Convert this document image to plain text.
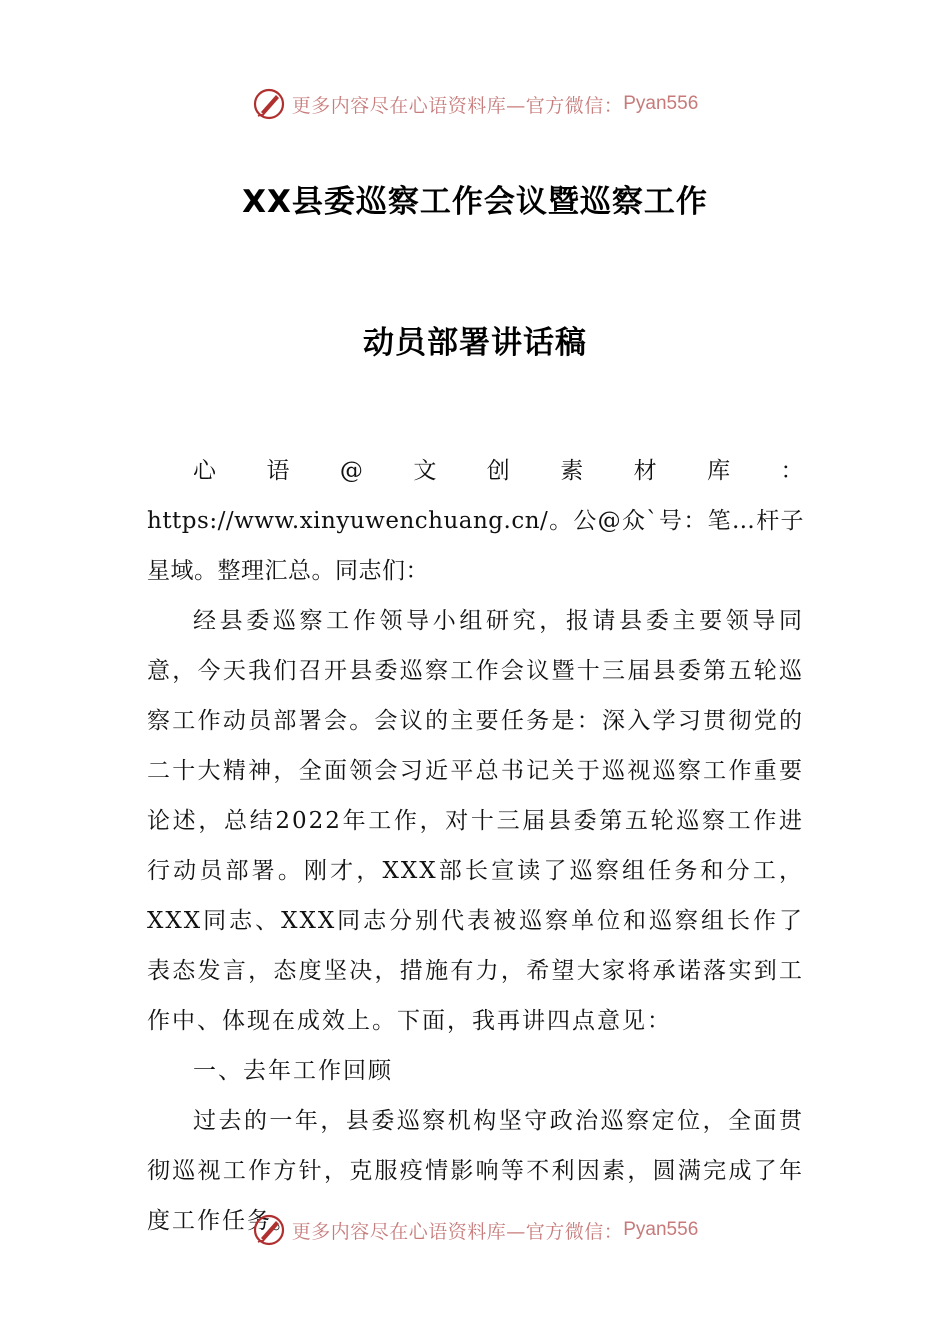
更多内容尽在心语资料库—官方微信： Pyan556
XX县委巡察工作会议暨巡察工作
动员部署讲话稿

心语@文创素材库：https://www.xinyuwenchuang.cn/。公@众`号：笔…杆子星域。整理汇总。同志们：

经县委巡察工作领导小组研究，报请县委主要领导同意，今天我们召开县委巡察工作会议暨十三届县委第五轮巡察工作动员部署会。会议的主要任务是：深入学习贯彻党的二十大精神，全面领会习近平总书记关于巡视巡察工作重要论述，总结2022年工作，对十三届县委第五轮巡察工作进行动员部署。刚才，XXX部长宣读了巡察组任务和分工，XXX同志、XXX同志分别代表被巡察单位和巡察组长作了表态发言，态度坚决，措施有力，希望大家将承诺落实到工作中、体现在成效上。下面，我再讲四点意见：

一、去年工作回顾

过去的一年，县委巡察机构坚守政治巡察定位，全面贯彻巡视工作方针，克服疫情影响等不利因素，圆满完成了年度工作任务。

更多内容尽在心语资料库—官方微信： Pyan556
